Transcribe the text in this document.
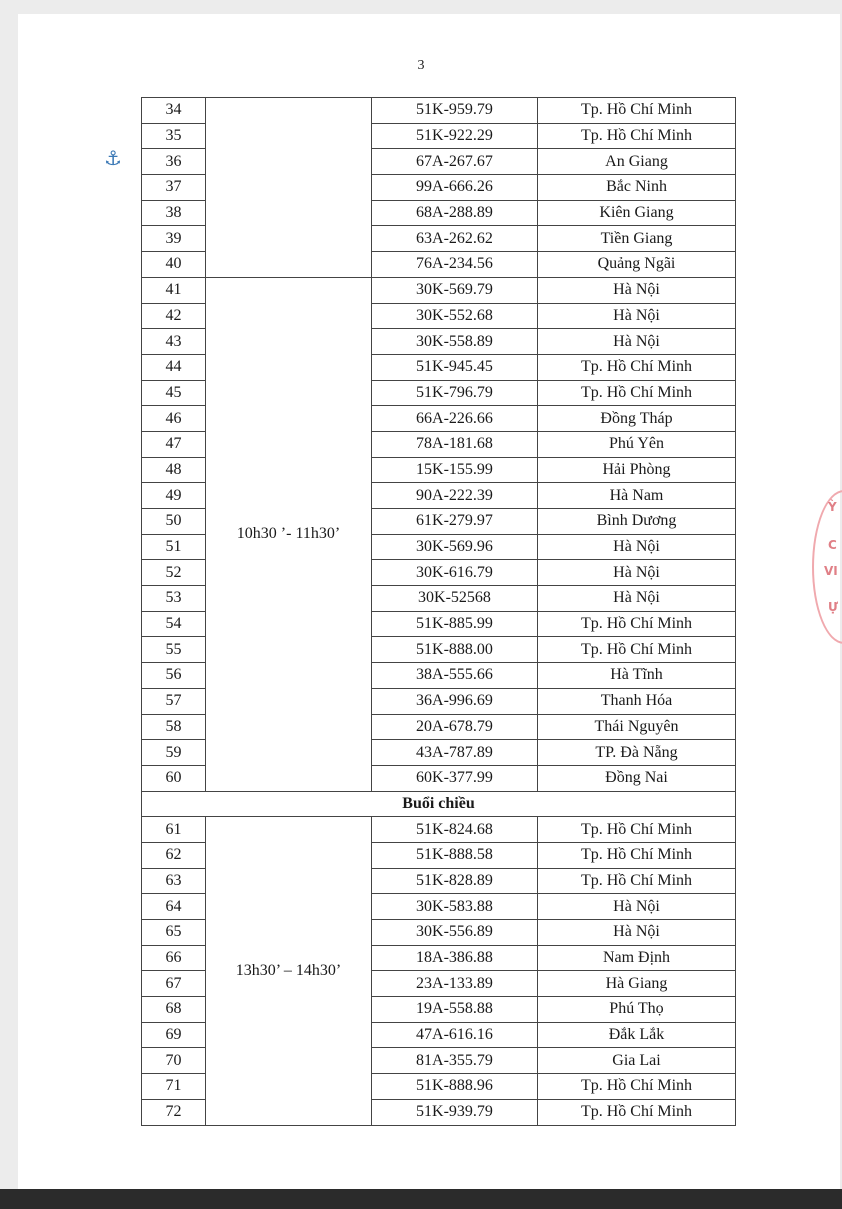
3
⚓
Ỳ
C
VI
Ự
34		51K-959.79	Tp. Hồ Chí Minh
35		51K-922.29	Tp. Hồ Chí Minh
36		67A-267.67	An Giang
37		99A-666.26	Bắc Ninh
38		68A-288.89	Kiên Giang
39		63A-262.62	Tiền Giang
40		76A-234.56	Quảng Ngãi
41	10h30 ’- 11h30’	30K-569.79	Hà Nội
42		30K-552.68	Hà Nội
43		30K-558.89	Hà Nội
44		51K-945.45	Tp. Hồ Chí Minh
45		51K-796.79	Tp. Hồ Chí Minh
46		66A-226.66	Đồng Tháp
47		78A-181.68	Phú Yên
48		15K-155.99	Hải Phòng
49		90A-222.39	Hà Nam
50		61K-279.97	Bình Dương
51		30K-569.96	Hà Nội
52		30K-616.79	Hà Nội
53		30K-52568	Hà Nội
54		51K-885.99	Tp. Hồ Chí Minh
55		51K-888.00	Tp. Hồ Chí Minh
56		38A-555.66	Hà Tĩnh
57		36A-996.69	Thanh Hóa
58		20A-678.79	Thái Nguyên
59		43A-787.89	TP. Đà Nẵng
60		60K-377.99	Đồng Nai
Buổi chiều			
61	13h30’ – 14h30’	51K-824.68	Tp. Hồ Chí Minh
62		51K-888.58	Tp. Hồ Chí Minh
63		51K-828.89	Tp. Hồ Chí Minh
64		30K-583.88	Hà Nội
65		30K-556.89	Hà Nội
66		18A-386.88	Nam Định
67		23A-133.89	Hà Giang
68		19A-558.88	Phú Thọ
69		47A-616.16	Đắk Lắk
70		81A-355.79	Gia Lai
71		51K-888.96	Tp. Hồ Chí Minh
72		51K-939.79	Tp. Hồ Chí Minh
